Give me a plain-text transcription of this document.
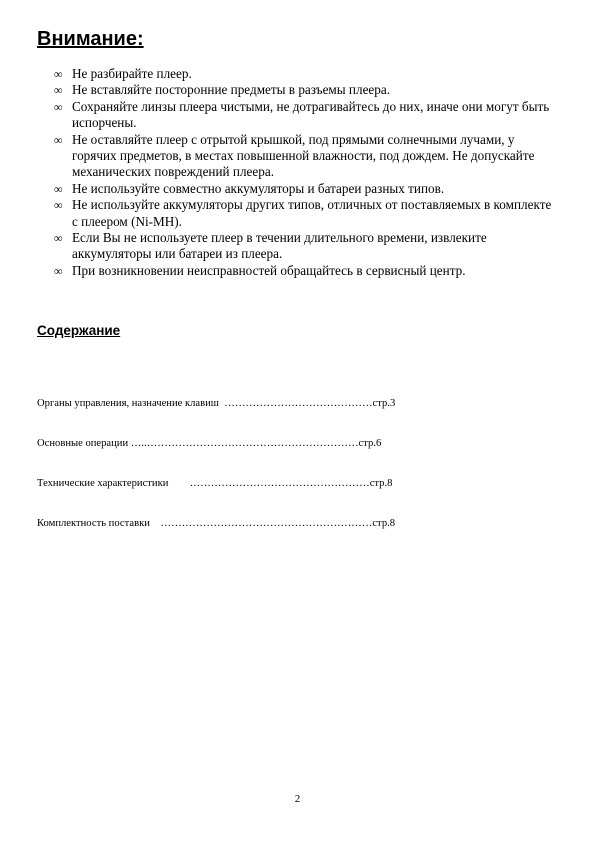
Внимание:
∞ Не разбирайте плеер.
∞ Не вставляйте посторонние предметы в разъемы плеера.
∞ Сохраняйте линзы плеера чистыми, не дотрагивайтесь до них, иначе они могут быть испорчены.
∞ Не оставляйте плеер с отрытой крышкой, под прямыми солнечными лучами, у горячих предметов, в местах повышенной влажности, под дождем. Не допускайте механических повреждений плеера.
∞ Не используйте совместно аккумуляторы и батареи разных типов.
∞ Не используйте аккумуляторы других типов, отличных от поставляемых в комплекте с плеером (Ni-MH).
∞ Если Вы не используете плеер в течении длительного времени, извлеките аккумуляторы или батареи из плеера.
∞ При возникновении неисправностей обращайтесь в сервисный центр.
Содержание

Органы управления, назначение клавиш  ……………………………………стр.3

Основные операции …..……………………………………………………стр.6

Технические характеристики        ……………………………………………стр.8

Комплектность поставки    ……………………………………………………стр.8

2
